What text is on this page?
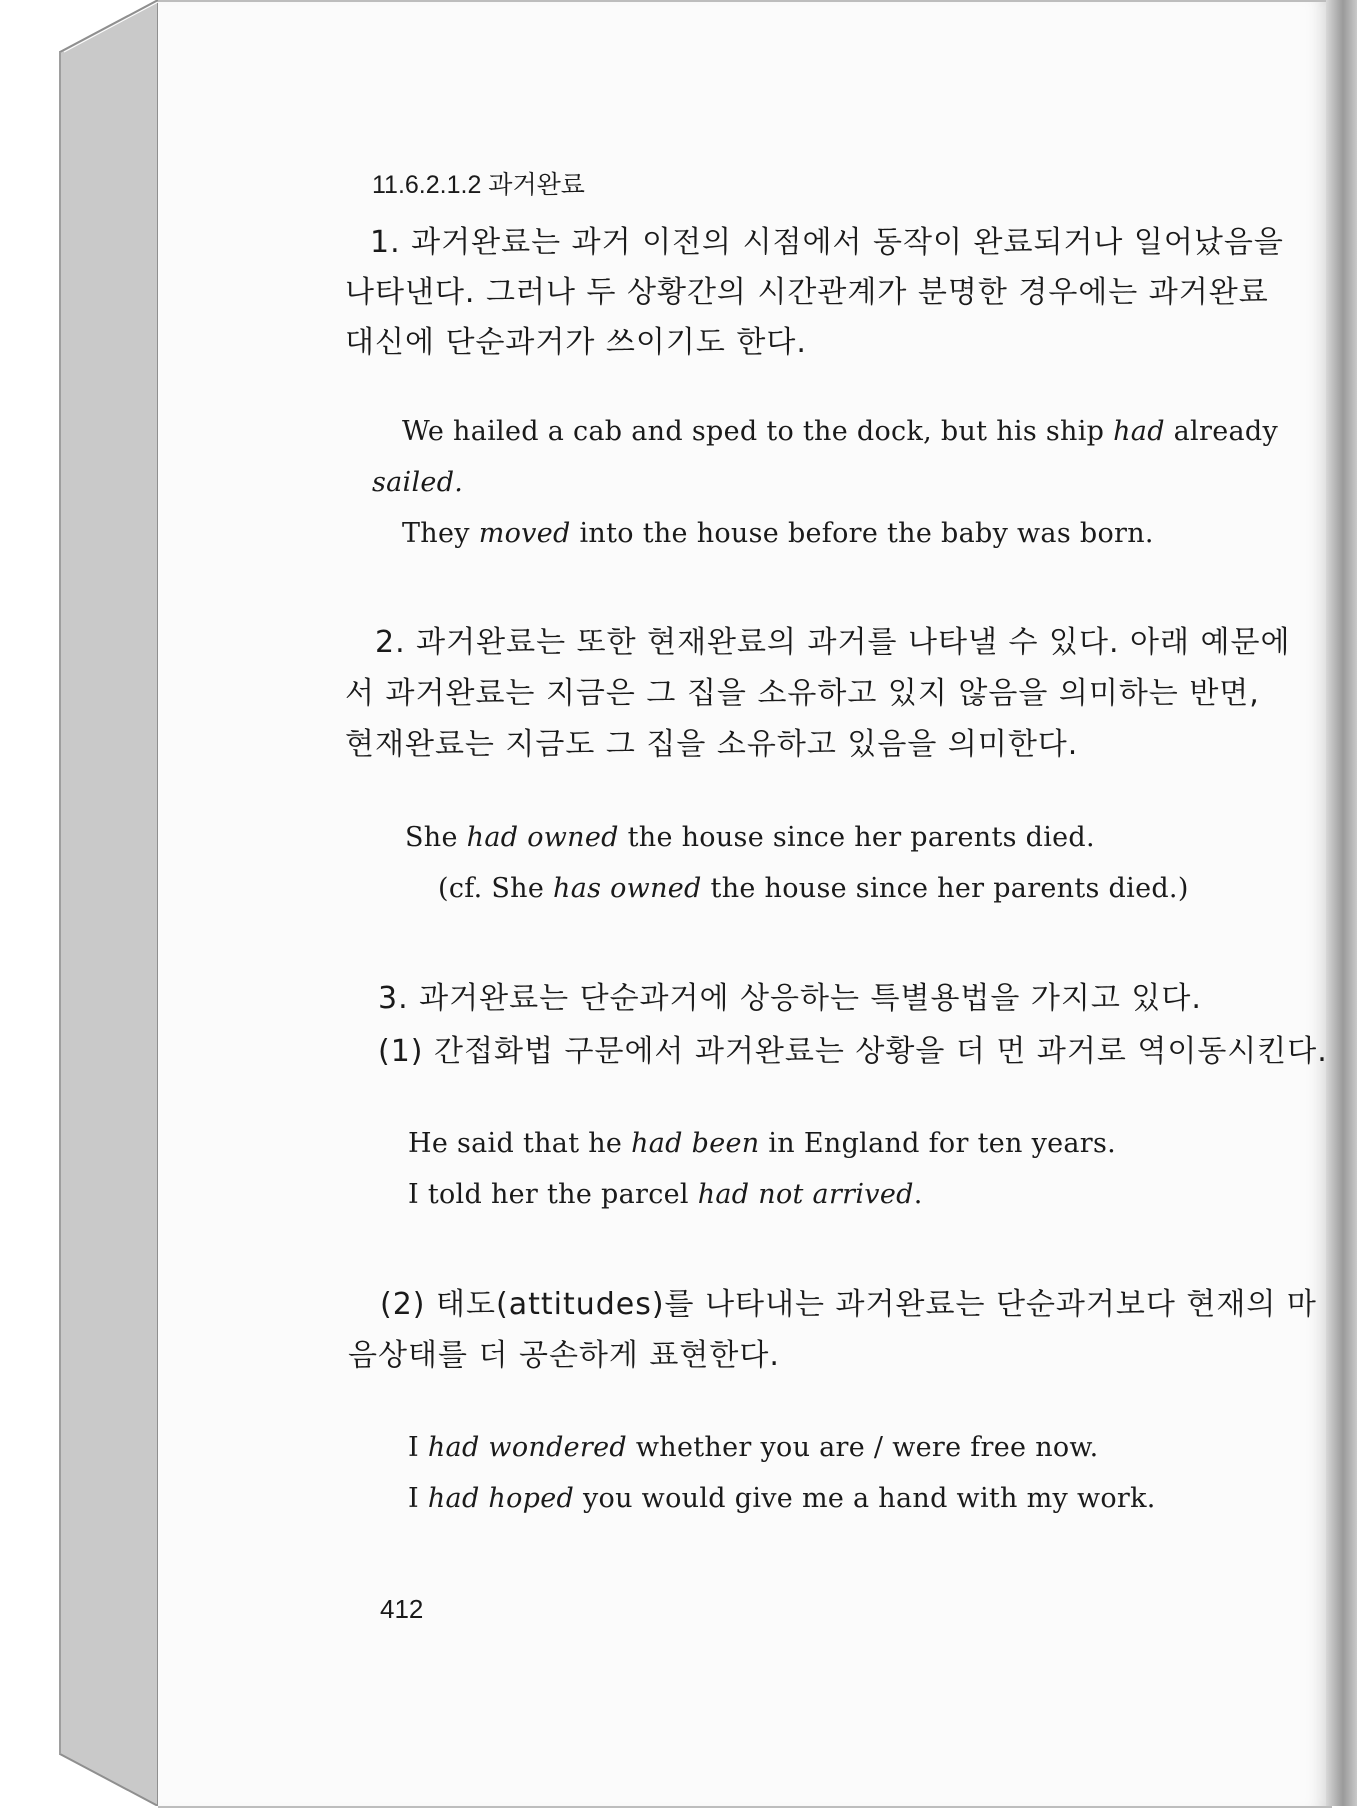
11.6.2.1.2 과거완료
1. 과거완료는 과거 이전의 시점에서 동작이 완료되거나 일어났음을
나타낸다. 그러나 두 상황간의 시간관계가 분명한 경우에는 과거완료
대신에 단순과거가 쓰이기도 한다.
We hailed a cab and sped to the dock, but his ship had already
sailed.
They moved into the house before the baby was born.
2. 과거완료는 또한 현재완료의 과거를 나타낼 수 있다. 아래 예문에
서 과거완료는 지금은 그 집을 소유하고 있지 않음을 의미하는 반면,
현재완료는 지금도 그 집을 소유하고 있음을 의미한다.
She had owned the house since her parents died.
(cf. She has owned the house since her parents died.)
3. 과거완료는 단순과거에 상응하는 특별용법을 가지고 있다.
(1) 간접화법 구문에서 과거완료는 상황을 더 먼 과거로 역이동시킨다.
He said that he had been in England for ten years.
I told her the parcel had not arrived.
(2) 태도(attitudes)를 나타내는 과거완료는 단순과거보다 현재의 마
음상태를 더 공손하게 표현한다.
I had wondered whether you are / were free now.
I had hoped you would give me a hand with my work.
412
